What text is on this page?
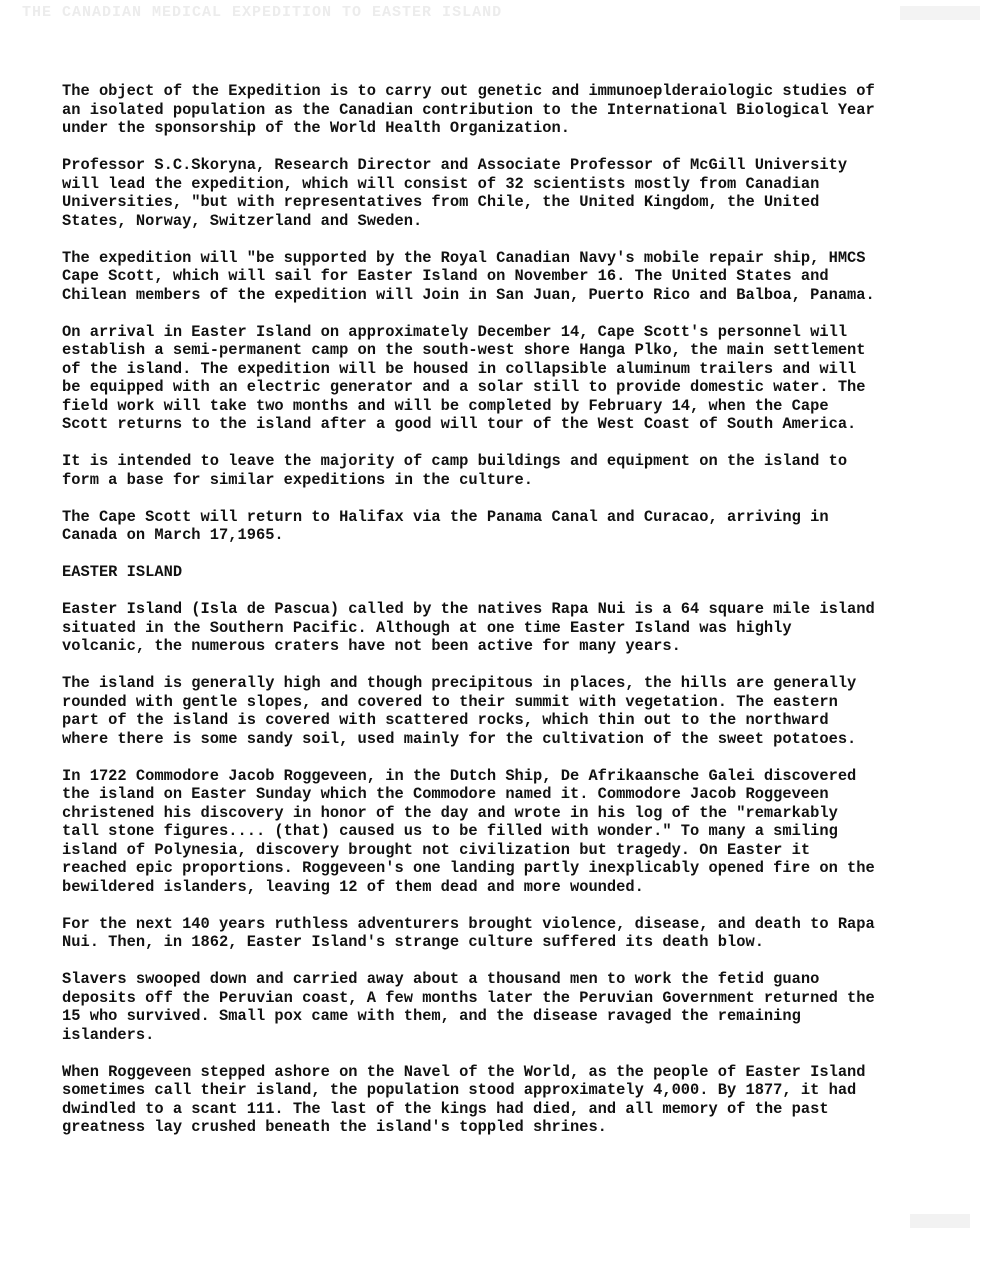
THE CANADIAN MEDICAL EXPEDITION TO EASTER ISLAND

The object of the Expedition is to carry out genetic and immunoeplderaiologic studies of
an isolated population as the Canadian contribution to the International Biological Year
under the sponsorship of the World Health Organization.

Professor S.C.Skoryna, Research Director and Associate Professor of McGill University
will lead the expedition, which will consist of 32 scientists mostly from Canadian
Universities, "but with representatives from Chile, the United Kingdom, the United
States, Norway, Switzerland and Sweden.

The expedition will "be supported by the Royal Canadian Navy's mobile repair ship, HMCS
Cape Scott, which will sail for Easter Island on November 16. The United States and
Chilean members of the expedition will Join in San Juan, Puerto Rico and Balboa, Panama.

On arrival in Easter Island on approximately December 14, Cape Scott's personnel will
establish a semi-permanent camp on the south-west shore Hanga Plko, the main settlement
of the island. The expedition will be housed in collapsible aluminum trailers and will
be equipped with an electric generator and a solar still to provide domestic water. The
field work will take two months and will be completed by February 14, when the Cape
Scott returns to the island after a good will tour of the West Coast of South America.

It is intended to leave the majority of camp buildings and equipment on the island to
form a base for similar expeditions in the culture.

The Cape Scott will return to Halifax via the Panama Canal and Curacao, arriving in
Canada on March 17,1965.

EASTER ISLAND

Easter Island (Isla de Pascua) called by the natives Rapa Nui is a 64 square mile island
situated in the Southern Pacific. Although at one time Easter Island was highly
volcanic, the numerous craters have not been active for many years.

The island is generally high and though precipitous in places, the hills are generally
rounded with gentle slopes, and covered to their summit with vegetation. The eastern
part of the island is covered with scattered rocks, which thin out to the northward
where there is some sandy soil, used mainly for the cultivation of the sweet potatoes.

In 1722 Commodore Jacob Roggeveen, in the Dutch Ship, De Afrikaansche Galei discovered
the island on Easter Sunday which the Commodore named it. Commodore Jacob Roggeveen
christened his discovery in honor of the day and wrote in his log of the "remarkably
tall stone figures.... (that) caused us to be filled with wonder." To many a smiling
island of Polynesia, discovery brought not civilization but tragedy. On Easter it
reached epic proportions. Roggeveen's one landing partly inexplicably opened fire on the
bewildered islanders, leaving 12 of them dead and more wounded.

For the next 140 years ruthless adventurers brought violence, disease, and death to Rapa
Nui. Then, in 1862, Easter Island's strange culture suffered its death blow.

Slavers swooped down and carried away about a thousand men to work the fetid guano
deposits off the Peruvian coast, A few months later the Peruvian Government returned the
15 who survived. Small pox came with them, and the disease ravaged the remaining
islanders.

When Roggeveen stepped ashore on the Navel of the World, as the people of Easter Island
sometimes call their island, the population stood approximately 4,000. By 1877, it had
dwindled to a scant 111. The last of the kings had died, and all memory of the past
greatness lay crushed beneath the island's toppled shrines.
